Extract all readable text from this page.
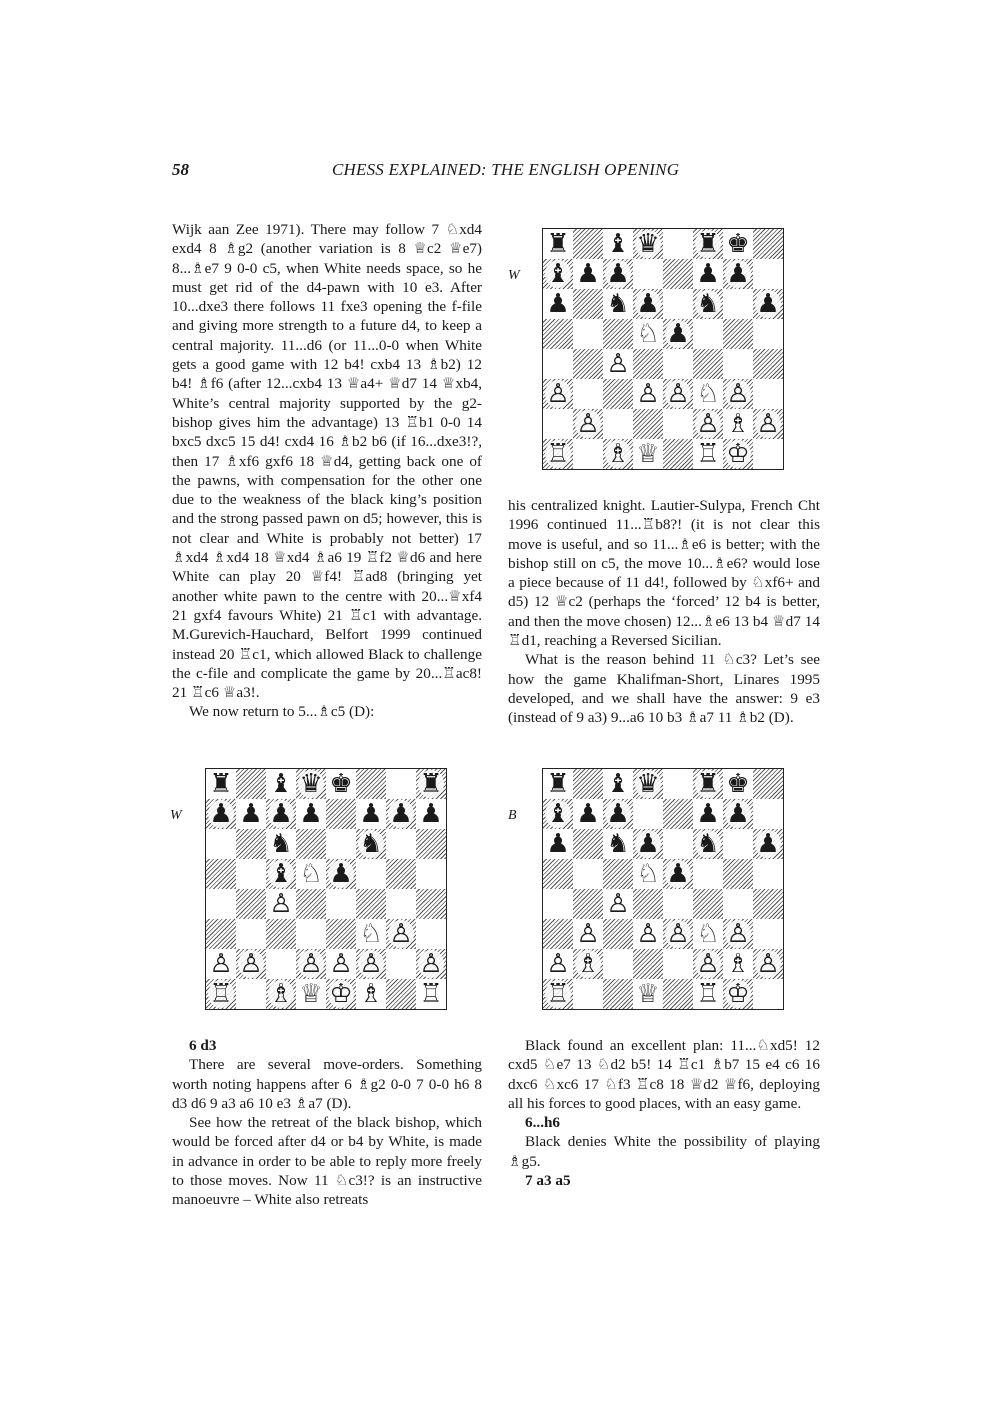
58	CHESS EXPLAINED: THE ENGLISH OPENING

Wijk aan Zee 1971). There may follow 7 ♘xd4 exd4 8 ♗g2 (another variation is 8 ♕c2 ♕e7) 8...♗e7 9 0-0 c5, when White needs space, so he must get rid of the d4-pawn with 10 e3. After 10...dxe3 there follows 11 fxe3 opening the f-file and giving more strength to a future d4, to keep a central majority. 11...d6 (or 11...0-0 when White gets a good game with 12 b4! cxb4 13 ♗b2) 12 b4! ♗f6 (after 12...cxb4 13 ♕a4+ ♕d7 14 ♕xb4, White’s central majority supported by the g2-bishop gives him the advantage) 13 ♖b1 0-0 14 bxc5 dxc5 15 d4! cxd4 16 ♗b2 b6 (if 16...dxe3!?, then 17 ♗xf6 gxf6 18 ♕d4, getting back one of the pawns, with compensation for the other one due to the weakness of the black king’s position and the strong passed pawn on d5; however, this is not clear and White is probably not better) 17 ♗xd4 ♗xd4 18 ♕xd4 ♗a6 19 ♖f2 ♕d6 and here White can play 20 ♕f4! ♖ad8 (bringing yet another white pawn to the centre with 20...♕xf4 21 gxf4 favours White) 21 ♖c1 with advantage. M.Gurevich-Hauchard, Belfort 1999 continued instead 20 ♖c1, which allowed Black to challenge the c-file and complicate the game by 20...♖ac8! 21 ♖c6 ♕a3!.

We now return to 5...♗c5 (D):

W
♜ ♝ ♛ ♜ ♚
♝ ♟ ♟	♟ ♟
♟ ♞ ♟ ♞ ♟
♘ ♟
♙
♙	♙ ♙ ♘ ♙
♙	♙ ♗ ♙
♖ ♗ ♕ ♖ ♔

his centralized knight. Lautier-Sulypa, French Cht 1996 continued 11...♖b8?! (it is not clear this move is useful, and so 11...♗e6 is better; with the bishop still on c5, the move 10...♗e6? would lose a piece because of 11 d4!, followed by ♘xf6+ and d5) 12 ♕c2 (perhaps the ‘forced’ 12 b4 is better, and then the move chosen) 12...♗e6 13 b4 ♕d7 14 ♖d1, reaching a Reversed Sicilian.

What is the reason behind 11 ♘c3? Let’s see how the game Khalifman-Short, Linares 1995 developed, and we shall have the answer: 9 e3 (instead of 9 a3) 9...a6 10 b3 ♗a7 11 ♗b2 (D).

W
♜ ♝ ♛ ♚	♜
♟ ♟ ♟ ♟ ♟ ♟ ♟
♞	♞
♝ ♘ ♟
♙
♘ ♙
♙ ♙ ♙ ♙ ♙ ♙
♖ ♗ ♕ ♔ ♗ ♖
B
♜ ♝ ♛ ♜ ♚
♝ ♟ ♟	♟ ♟
♟ ♞ ♟ ♞ ♟
♘ ♟
♙
♙ ♙ ♙ ♘ ♙
♙ ♗	♙ ♗ ♙
♖	♕ ♖ ♔

6 d3

There are several move-orders. Something worth noting happens after 6 ♗g2 0-0 7 0-0 h6 8 d3 d6 9 a3 a6 10 e3 ♗a7 (D).

See how the retreat of the black bishop, which would be forced after d4 or b4 by White, is made in advance in order to be able to reply more freely to those moves. Now 11 ♘c3!? is an instructive manoeuvre – White also retreats

Black found an excellent plan: 11...♘xd5! 12 cxd5 ♘e7 13 ♘d2 b5! 14 ♖c1 ♗b7 15 e4 c6 16 dxc6 ♘xc6 17 ♘f3 ♖c8 18 ♕d2 ♕f6, deploying all his forces to good places, with an easy game.

6...h6

Black denies White the possibility of playing ♗g5.

7 a3 a5
